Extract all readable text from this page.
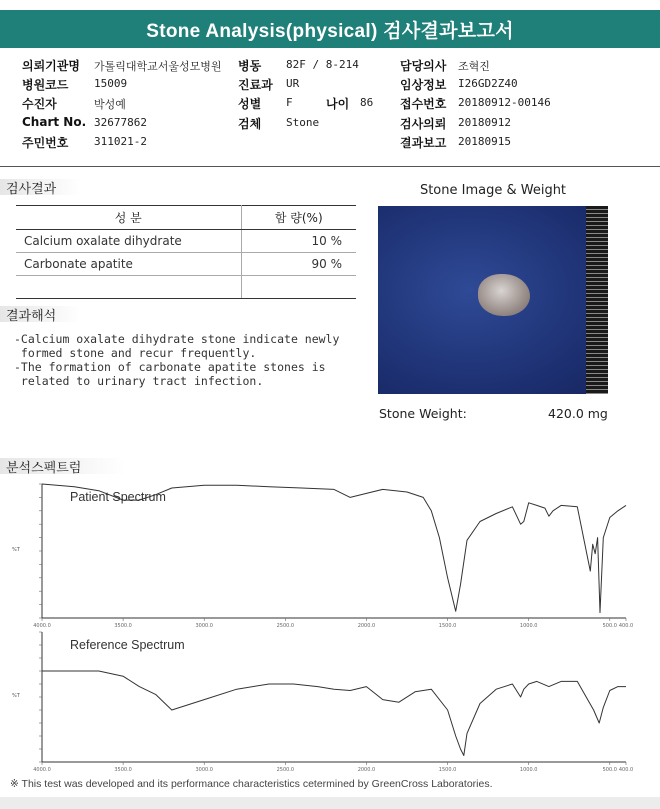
Stone Analysis(physical) 검사결과보고서
의뢰기관명 가톨릭대학교서울성모병원 병동 82F / 8-214	담당의사 조혁진
병원코드 15009	진료과 UR	임상정보 I26GD2Z40
수진자	박성예	성별 F	나이 86 접수번호 20180912-00146
Chart No. 32677862	검체 Stone	검사의뢰 20180912
주민번호 311021-2	결과보고 20180915
검사결과
성 분	함 량(%)
Calcium oxalate dihydrate	10 %
Carbonate apatite	90 %

결과해석
-Calcium oxalate dihydrate stone indicate newly
formed stone and recur frequently.
-The formation of carbonate apatite stones is
related to urinary tract infection.
Stone Image & Weight
Stone Weight:	420.0 mg
분석스펙트럼
%T
4000.0	3500.0	3000.0	2500.0	2000.0	1500.0	1000.0	500.0 400.0
Patient Spectrum
%T
4000.0	3500.0	3000.0	2500.0	2000.0	1500.0	1000.0	500.0 400.0
Reference Spectrum
※ This test was developed and its performance characteristics cetermined by GreenCross Laboratories.
